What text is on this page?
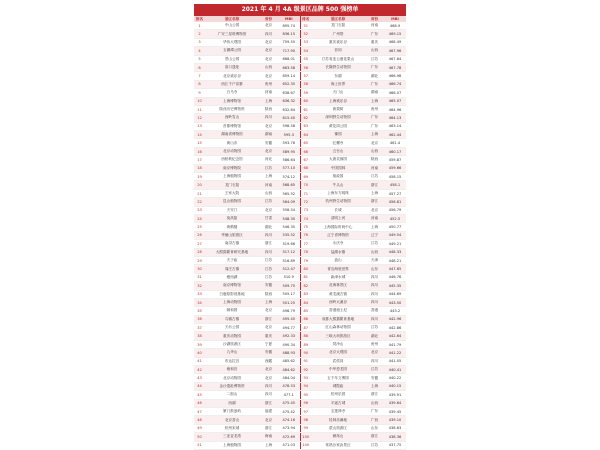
2021 年 4 月 4A 级景区品牌 500 强榜单
排名	景区名称	省份	MBI	排名	景区名称	省份	MBI
1	中山公园	北京	895.74	51	龙门石窟	河南	468.9
2	广安三星堆博物馆	四川	836.15	52	广州塔	广东	469.15
3	华侨大观园	北京	759.55	53	重庆欢乐谷	重庆	468.49
4	玉渊潭公园	北京	717.90	54	晋祠	山西	467.96
5	景山公园	北京	668.01	55	江苏省连云港花果山	江苏	467.84
6	洛口遗址	山西	663.58	56	长隆野生动物园	广东	467.78
7	北京欢乐谷	北京	659.14	57	东湖	湖北	466.98
8	西江千户苗寨	贵州	652.35	58	海上世界	广东	466.74
9	白马寺	河南	638.67	59	天门山	湖南	466.07
10	上海博物馆	上海	636.32	60	上海欢乐谷	上海	465.07
11	陕西历史博物馆	陕西	632.84	61	黄果树	贵州	464.96
12	西岭雪山	四川	615.40	62	深圳野生动物园	广东	464.13
13	首都博物馆	北京	598.58	63	黄花岗公园	广东	463.14
14	湖南省博物馆	湖南	595.3	64	豫园	上海	462.44
15	黄山市	安徽	593.76	65	红螺寺	北京	461.4
16	北京动物园	北京	589.95	66	五台山	山西	460.17
17	西柏坡纪念馆	河北	586.64	67	大唐芙蓉园	陕西	459.87
18	南京博物院	江苏	577.10	68	中国园林	河南	459.66
19	上海植物园	上海	574.12	69	拙政园	江苏	458.15
20	龙门石窟	河南	568.65	70	牛头山	浙江	458.1
21	王家大院	山西	565.52	71	上海东方明珠	上海	457.27
22	昆山植物园	江苏	564.09	72	杭州野生动物园	浙江	456.81
23	天安门	北京	558.54	73	长城	北京	456.79
24	莫高窟	甘肃	548.35	74	清明上河	河南	452.5
25	黄鹤楼	湖北	546.35	75	上海国际时尚中心	上海	450.77
26	华蓥山旅游区	四川	535.52	76	辽宁省博物馆	辽宁	449.54
27	南浔古镇	浙江	519.66	77	永庆寺	江苏	449.21
28	大熊猫繁育研究基地	四川	517.12	78	盐湖水镇	山西	448.33
29	夫子庙	江苏	516.89	79	盘山	天津	448.21
30	周庄古镇	江苏	512.47	80	青岛海底世界	山东	447.65
31	瘦西湖	江苏	510.9	81	新津水城	四川	446.76
32	南京博物馆	安徽	509.75	82	花海林景区	四川	445.35
33	白鹿原影视基地	陕西	505.17	83	黄龙溪古镇	四川	444.69
34	上海动物园	上海	501.25	84	西岭大溪谷	四川	443.50
35	颐和园	北京	498.79	85	香港迪士尼	香港	443.2
36	乌镇古镇	浙江	495.45	86	成都大熊猫繁育基地	四川	442.96
37	天坛公园	北京	494.77	87	红山森林动物园	江苏	442.86
38	重庆动物园	重庆	492.33	88	三峡大坝旅游区	湖北	442.64
39	沙湖旅游区	宁夏	490.34	89	梵净山	贵州	441.79
40	九华山	安徽	488.93	90	北京大观园	北京	441.22
41	布达拉宫	西藏	485.62	91	武侯祠	四川	441.05
42	雍和宫	北京	484.62	92	中华恐龙园	江苏	440.41
43	北京动物园	北京	484.04	93	五千年文博园	安徽	440.22
44	金沙遗址博物馆	四川	478.53	94	城隍庙	上海	440.15
45	二郎山	四川	477.1	95	杭州乐园	浙江	439.91
46	西湖	浙江	475.45	96	平遥古城	山西	439.64
47	厦门鼓浪屿	福建	475.42	97	宝莲禅寺	广东	439.45
48	北京香山	北京	474.16	98	桂林乐满地	广西	439.10
49	杭州宋城	浙江	473.94	99	蒙山旅游区	山东	438.63
50	三亚亚龙湾	海南	472.69	100	雁荡山	浙江	438.36
51	上海植物园	上海	471.03	100	常熟沙家浜景区	江苏	437.75
